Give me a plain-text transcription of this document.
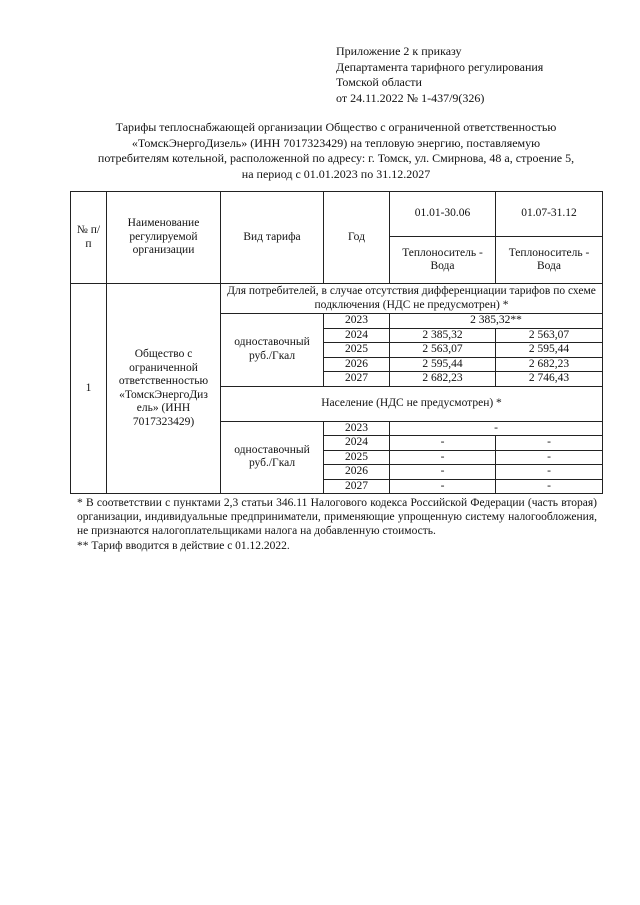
Приложение 2 к приказу
Департамента тарифного регулирования
Томской области
от 24.11.2022 № 1-437/9(326)
Тарифы теплоснабжающей организации Общество с ограниченной ответственностью
«ТомскЭнергоДизель» (ИНН 7017323429) на тепловую энергию, поставляемую
потребителям котельной, расположенной по адресу: г. Томск, ул. Смирнова, 48 а, строение 5,
на период с 01.01.2023 по 31.12.2027
№ п/п	Наименование регулируемой организации	Вид тарифа	Год	01.01-30.06	01.07-31.12
				Теплоноситель - Вода	Теплоноситель - Вода
1	Общество с ограниченной ответственностью «ТомскЭнергоДиз ель» (ИНН 7017323429)	Для потребителей, в случае отсутствия дифференциации тарифов по схеме подключения (НДС не предусмотрен) *			
		одноставочный руб./Гкал	2023	2 385,32**	
			2024	2 385,32	2 563,07
			2025	2 563,07	2 595,44
			2026	2 595,44	2 682,23
			2027	2 682,23	2 746,43
		Население (НДС не предусмотрен) *			
		одноставочный руб./Гкал	2023	-	
			2024	-	-
			2025	-	-
			2026	-	-
			2027	-	-

* В соответствии с пунктами 2,3 статьи 346.11 Налогового кодекса Российской Федерации (часть вторая) организации, индивидуальные предприниматели, применяющие упрощенную систему налогообложения, не признаются налогоплательщиками налога на добавленную стоимость.

** Тариф вводится в действие с 01.12.2022.
